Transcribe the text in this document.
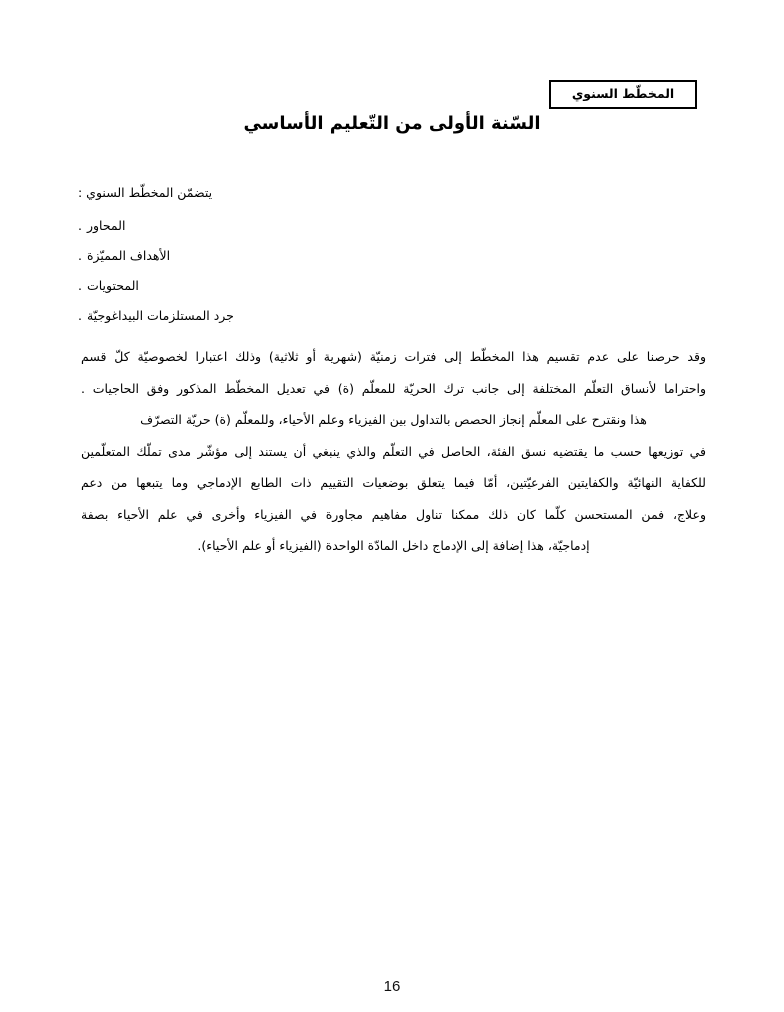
المخطّط السنوي
السّنة الأولى من التّعليم الأساسي
يتضمّن المخطّط السنوي :
المحاور.
الأهداف المميّزة.
المحتويات.
جرد المستلزمات البيداغوجيّة.
وقد حرصنا على عدم تقسيم هذا المخطّط إلى فترات زمنيّة (شهرية أو ثلاثية) وذلك اعتبارا لخصوصيّة كلّ قسم
واحتراما لأنساق التعلّم المختلفة إلى جانب ترك الحريّة للمعلّم (ة) في تعديل المخطّط المذكور وفق الحاجيات .
هذا ونقترح على المعلّم إنجاز الحصص بالتداول بين الفيزياء وعلم الأحياء، وللمعلّم (ة) حريّة التصرّف
في توزيعها حسب ما يقتضيه نسق الفئة، الحاصل في التعلّم والذي ينبغي أن يستند إلى مؤشّر مدى تملّك المتعلّمين
للكفاية النهائيّة والكفايتين الفرعيّتين، أمّا فيما يتعلق بوضعيات التقييم ذات الطابع الإدماجي وما يتبعها من دعم
وعلاج، فمن المستحسن كلّما كان ذلك ممكنا تناول مفاهيم مجاورة في الفيزياء وأخرى في علم الأحياء بصفة
إدماجيّة، هذا إضافة إلى الإدماج داخل المادّة الواحدة (الفيزياء أو علم الأحياء).
16
